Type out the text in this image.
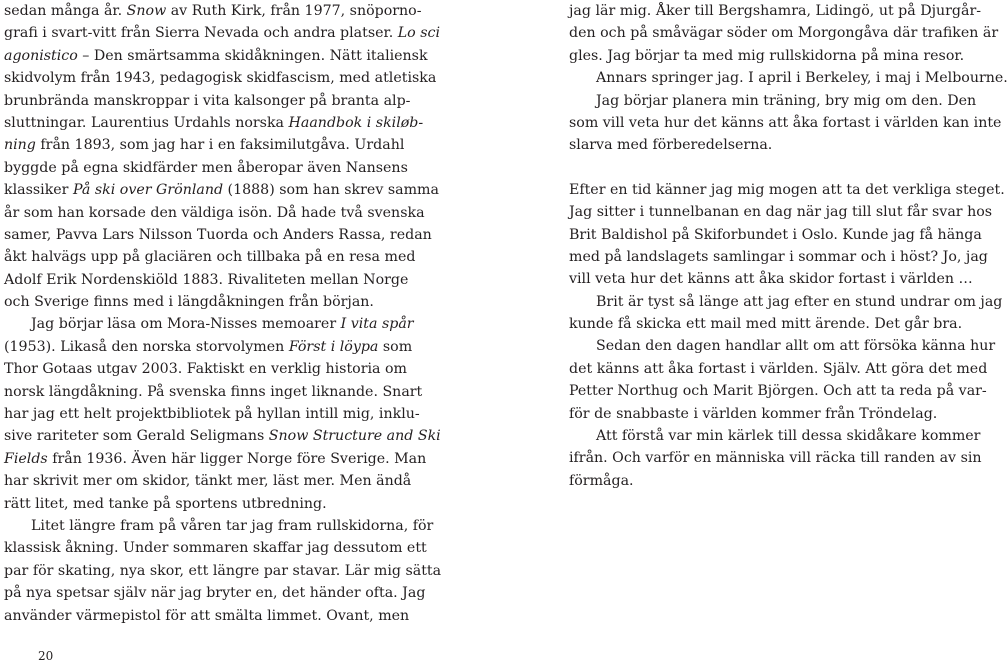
sedan många år. Snow av Ruth Kirk, från 1977, snöporno-
grafi i svart-vitt från Sierra Nevada och andra platser. Lo sci
agonistico – Den smärtsamma skidåkningen. Nätt italiensk
skidvolym från 1943, pedagogisk skidfascism, med atletiska
brunbrända manskroppar i vita kalsonger på branta alp-
sluttningar. Laurentius Urdahls norska Haandbok i skiløb-
ning från 1893, som jag har i en faksimilutgåva. Urdahl
byggde på egna skidfärder men åberopar även Nansens
klassiker På ski over Grönland (1888) som han skrev samma
år som han korsade den väldiga isön. Då hade två svenska
samer, Pavva Lars Nilsson Tuorda och Anders Rassa, redan
åkt halvägs upp på glaciären och tillbaka på en resa med
Adolf Erik Nordenskiöld 1883. Rivaliteten mellan Norge
och Sverige finns med i längdåkningen från början.
Jag börjar läsa om Mora-Nisses memoarer I vita spår
(1953). Likaså den norska storvolymen Först i löypa som
Thor Gotaas utgav 2003. Faktiskt en verklig historia om
norsk längdåkning. På svenska finns inget liknande. Snart
har jag ett helt projektbibliotek på hyllan intill mig, inklu-
sive rariteter som Gerald Seligmans Snow Structure and Ski
Fields från 1936. Även här ligger Norge före Sverige. Man
har skrivit mer om skidor, tänkt mer, läst mer. Men ändå
rätt litet, med tanke på sportens utbredning.
Litet längre fram på våren tar jag fram rullskidorna, för
klassisk åkning. Under sommaren skaffar jag dessutom ett
par för skating, nya skor, ett längre par stavar. Lär mig sätta
på nya spetsar själv när jag bryter en, det händer ofta. Jag
använder värmepistol för att smälta limmet. Ovant, men
jag lär mig. Åker till Bergshamra, Lidingö, ut på Djurgår-
den och på småvägar söder om Morgongåva där trafiken är
gles. Jag börjar ta med mig rullskidorna på mina resor.
Annars springer jag. I april i Berkeley, i maj i Melbourne.
Jag börjar planera min träning, bry mig om den. Den
som vill veta hur det känns att åka fortast i världen kan inte
slarva med förberedelserna.
Efter en tid känner jag mig mogen att ta det verkliga steget.
Jag sitter i tunnelbanan en dag när jag till slut får svar hos
Brit Baldishol på Skiforbundet i Oslo. Kunde jag få hänga
med på landslagets samlingar i sommar och i höst? Jo, jag
vill veta hur det känns att åka skidor fortast i världen …
Brit är tyst så länge att jag efter en stund undrar om jag
kunde få skicka ett mail med mitt ärende. Det går bra.
Sedan den dagen handlar allt om att försöka känna hur
det känns att åka fortast i världen. Själv. Att göra det med
Petter Northug och Marit Björgen. Och att ta reda på var-
för de snabbaste i världen kommer från Tröndelag.
Att förstå var min kärlek till dessa skidåkare kommer
ifrån. Och varför en människa vill räcka till randen av sin
förmåga.
20
